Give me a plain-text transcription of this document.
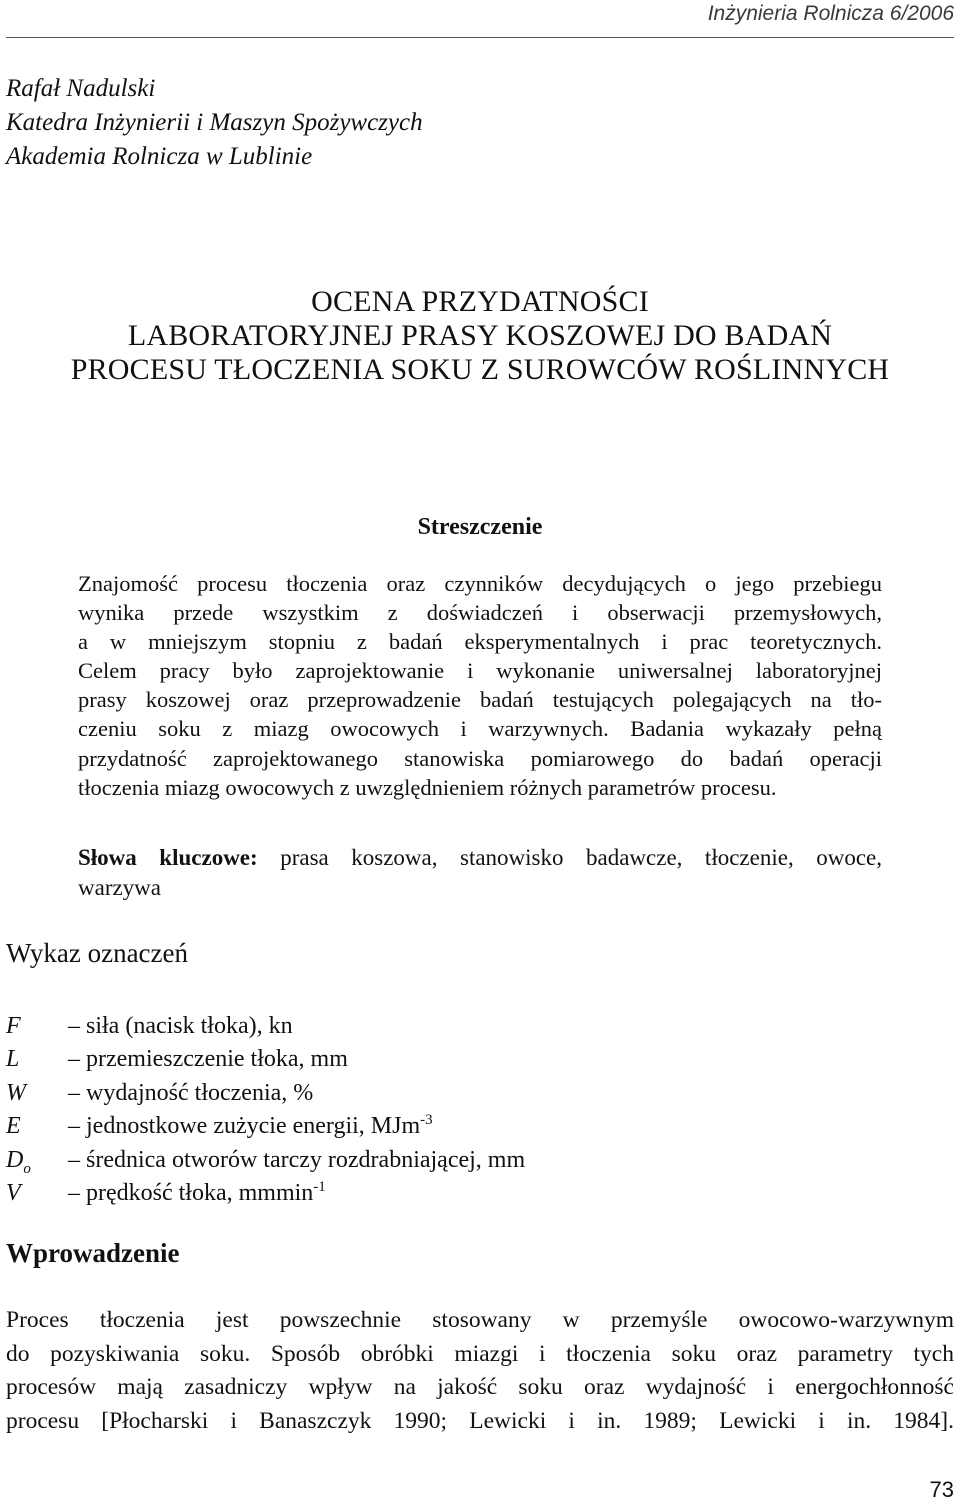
Inżynieria Rolnicza 6/2006
Rafał Nadulski
Katedra Inżynierii i Maszyn Spożywczych
Akademia Rolnicza w Lublinie
OCENA PRZYDATNOŚCI
LABORATORYJNEJ PRASY KOSZOWEJ DO BADAŃ
PROCESU TŁOCZENIA SOKU Z SUROWCÓW ROŚLINNYCH
Streszczenie
Znajomość procesu tłoczenia oraz czynników decydujących o jego przebiegu
wynika przede wszystkim z doświadczeń i obserwacji przemysłowych,
a w mniejszym stopniu z badań eksperymentalnych i prac teoretycznych.
Celem pracy było zaprojektowanie i wykonanie uniwersalnej laboratoryjnej
prasy koszowej oraz przeprowadzenie badań testujących polegających na tło-
czeniu soku z miazg owocowych i warzywnych. Badania wykazały pełną
przydatność zaprojektowanego stanowiska pomiarowego do badań operacji
tłoczenia miazg owocowych z uwzględnieniem różnych parametrów procesu.
Słowa kluczowe: prasa koszowa, stanowisko badawcze, tłoczenie, owoce,
warzywa
Wykaz oznaczeń
F – siła (nacisk tłoka), kn
L – przemieszczenie tłoka, mm
W – wydajność tłoczenia, %
E – jednostkowe zużycie energii, MJm$^{-3}$
$D_o$ – średnica otworów tarczy rozdrabniającej, mm
V – prędkość tłoka, mmmin$^{-1}$
Wprowadzenie
Proces tłoczenia jest powszechnie stosowany w przemyśle owocowo-warzywnym
do pozyskiwania soku. Sposób obróbki miazgi i tłoczenia soku oraz parametry tych
procesów mają zasadniczy wpływ na jakość soku oraz wydajność i energochłonność
procesu [Płocharski i Banaszczyk 1990; Lewicki i in. 1989; Lewicki i in. 1984].
73
